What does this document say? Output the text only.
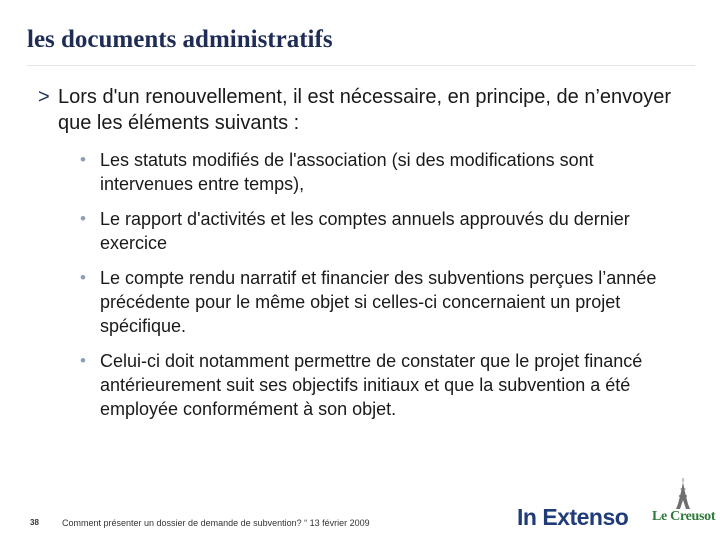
les documents administratifs
> Lors d'un renouvellement, il est nécessaire, en principe, de n’envoyer que les éléments suivants :
• Les statuts modifiés de l'association (si des modifications sont intervenues entre temps),
• Le rapport d'activités et les comptes annuels approuvés du dernier exercice
• Le compte rendu narratif et financier des subventions perçues l’année précédente pour le même objet si celles-ci concernaient un projet spécifique.
• Celui-ci doit notamment permettre de constater que le projet financé antérieurement suit ses objectifs initiaux et que la subvention a été employée conformément à son objet.
38	Comment présenter un dossier de demande de subvention? “ 13 février 2009	In Extenso Le Creusot
